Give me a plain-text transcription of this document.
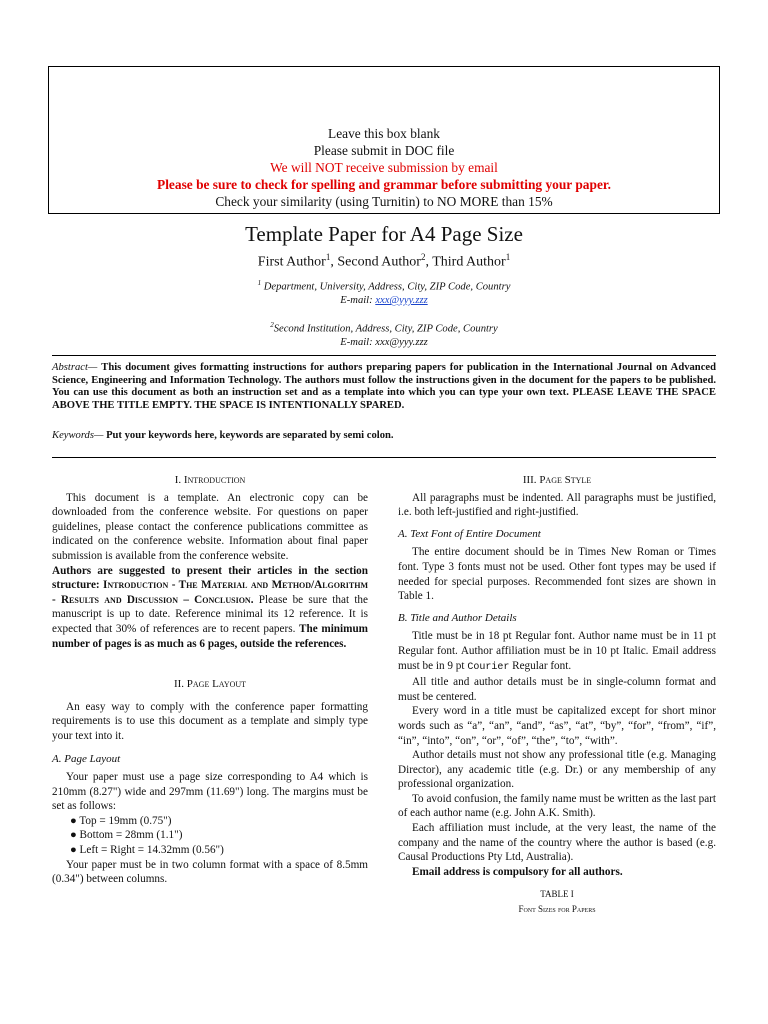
Leave this box blank
Please submit in DOC file
We will NOT receive submission by email
Please be sure to check for spelling and grammar before submitting your paper.
Check your similarity (using Turnitin) to NO MORE than 15%
Template Paper for A4 Page Size
First Author$^1$, Second Author$^2$, Third Author$^1$
$^1$ Department, University, Address, City, ZIP Code, Country
E-mail: xxx@yyy.zzz
$^2$Second Institution, Address, City, ZIP Code, Country
E-mail: xxx@yyy.zzz
Abstract— This document gives formatting instructions for authors preparing papers for publication in the International Journal on Advanced Science, Engineering and Information Technology. The authors must follow the instructions given in the document for the papers to be published. You can use this document as both an instruction set and as a template into which you can type your own text. PLEASE LEAVE THE SPACE ABOVE THE TITLE EMPTY. THE SPACE IS INTENTIONALLY SPARED.
Keywords— Put your keywords here, keywords are separated by semi colon.
I. Introduction

This document is a template. An electronic copy can be downloaded from the conference website. For questions on paper guidelines, please contact the conference publications committee as indicated on the conference website. Information about final paper submission is available from the conference website.

Authors are suggested to present their articles in the section structure: Introduction - The Material and Method/Algorithm - Results and Discussion – Conclusion. Please be sure that the manuscript is up to date. Reference minimal its 12 reference. It is expected that 30% of references are to recent papers. The minimum number of pages is as much as 6 pages, outside the references.

II. Page Layout

An easy way to comply with the conference paper formatting requirements is to use this document as a template and simply type your text into it.

A. Page Layout

Your paper must use a page size corresponding to A4 which is 210mm (8.27") wide and 297mm (11.69") long. The margins must be set as follows:

● Top = 19mm (0.75")

● Bottom = 28mm (1.1")

● Left = Right = 14.32mm (0.56")

Your paper must be in two column format with a space of 8.5mm (0.34") between columns.

III. Page Style

All paragraphs must be indented. All paragraphs must be justified, i.e. both left-justified and right-justified.

A. Text Font of Entire Document

The entire document should be in Times New Roman or Times font. Type 3 fonts must not be used. Other font types may be used if needed for special purposes. Recommended font sizes are shown in Table 1.

B. Title and Author Details

Title must be in 18 pt Regular font. Author name must be in 11 pt Regular font. Author affiliation must be in 10 pt Italic. Email address must be in 9 pt Courier Regular font.

All title and author details must be in single-column format and must be centered.

Every word in a title must be capitalized except for short minor words such as “a”, “an”, “and”, “as”, “at”, “by”, “for”, “from”, “if”, “in”, “into”, “on”, “or”, “of”, “the”, “to”, “with”.

Author details must not show any professional title (e.g. Managing Director), any academic title (e.g. Dr.) or any membership of any professional organization.

To avoid confusion, the family name must be written as the last part of each author name (e.g. John A.K. Smith).

Each affiliation must include, at the very least, the name of the company and the name of the country where the author is based (e.g. Causal Productions Pty Ltd, Australia).

Email address is compulsory for all authors.

TABLE I

Font Sizes for Papers
